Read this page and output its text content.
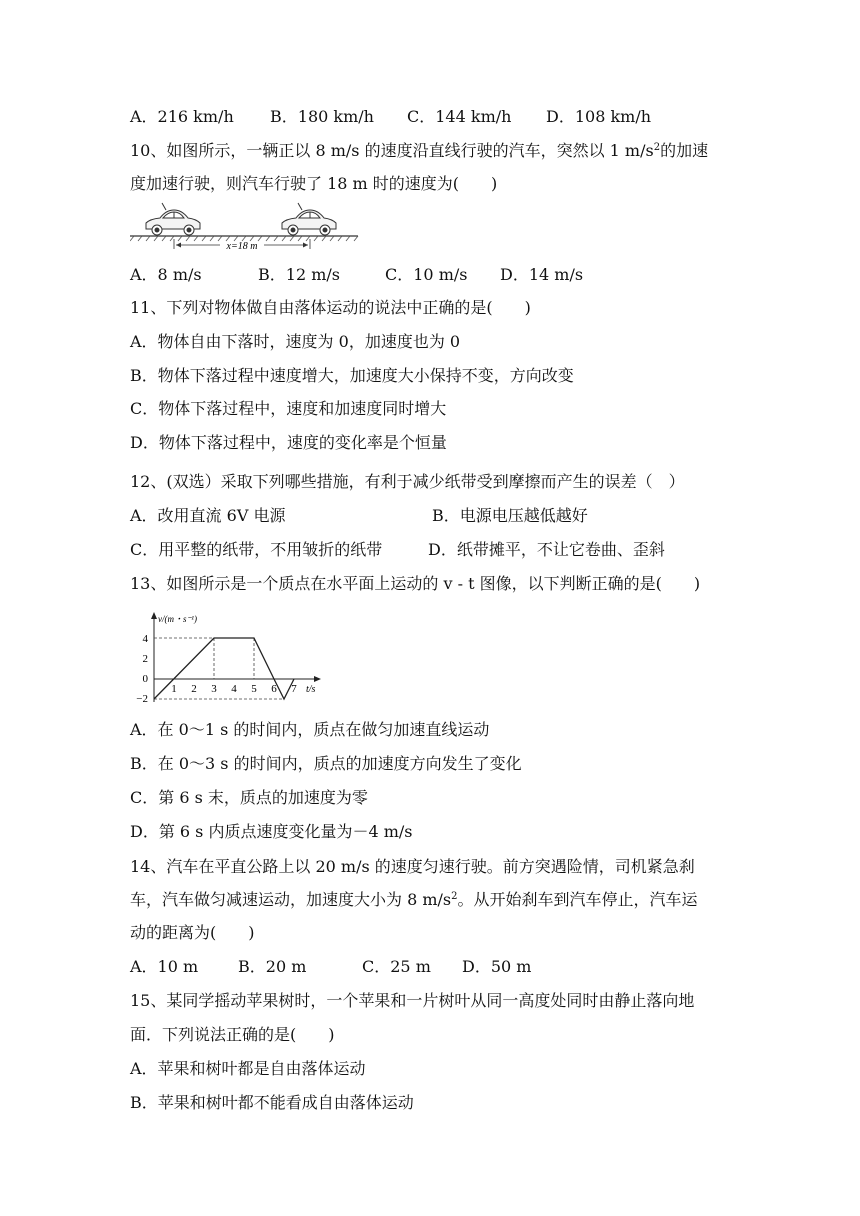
A．216 km/h B．180 km/h C．144 km/h D．108 km/h
10、如图所示，一辆正以 8 m/s 的速度沿直线行驶的汽车，突然以 1 $m/s^2$的加速
度加速行驶，则汽车行驶了 18 m 时的速度为(　　)
x=18 m
A．8 m/s	B．12 m/s	C．10 m/s D．14 m/s
11、下列对物体做自由落体运动的说法中正确的是(　　)
A．物体自由下落时，速度为 0，加速度也为 0
B．物体下落过程中速度增大，加速度大小保持不变，方向改变
C．物体下落过程中，速度和加速度同时增大
D．物体下落过程中，速度的变化率是个恒量
12、(双选）采取下列哪些措施，有利于减少纸带受到摩擦而产生的误差（　）
A．改用直流 6V 电源	B．电源电压越低越好
C．用平整的纸带，不用皱折的纸带	D．纸带摊平，不让它卷曲、歪斜
13、如图所示是一个质点在水平面上运动的 v - t 图像，以下判断正确的是(　　)
v/(m・s⁻¹)
t/s
4
2
0
−2
1 2 3 4 5 6 7
A．在 0～1 s 的时间内，质点在做匀加速直线运动
B．在 0～3 s 的时间内，质点的加速度方向发生了变化
C．第 6 s 末，质点的加速度为零
D．第 6 s 内质点速度变化量为－4 m/s
14、汽车在平直公路上以 20 m/s 的速度匀速行驶。前方突遇险情，司机紧急刹
车，汽车做匀减速运动，加速度大小为 8 $m/s^2$。从开始刹车到汽车停止，汽车运
动的距离为(　　)
A．10 m B．20 m	C．25 m D．50 m
15、某同学摇动苹果树时，一个苹果和一片树叶从同一高度处同时由静止落向地
面．下列说法正确的是(　　)
A．苹果和树叶都是自由落体运动
B．苹果和树叶都不能看成自由落体运动
